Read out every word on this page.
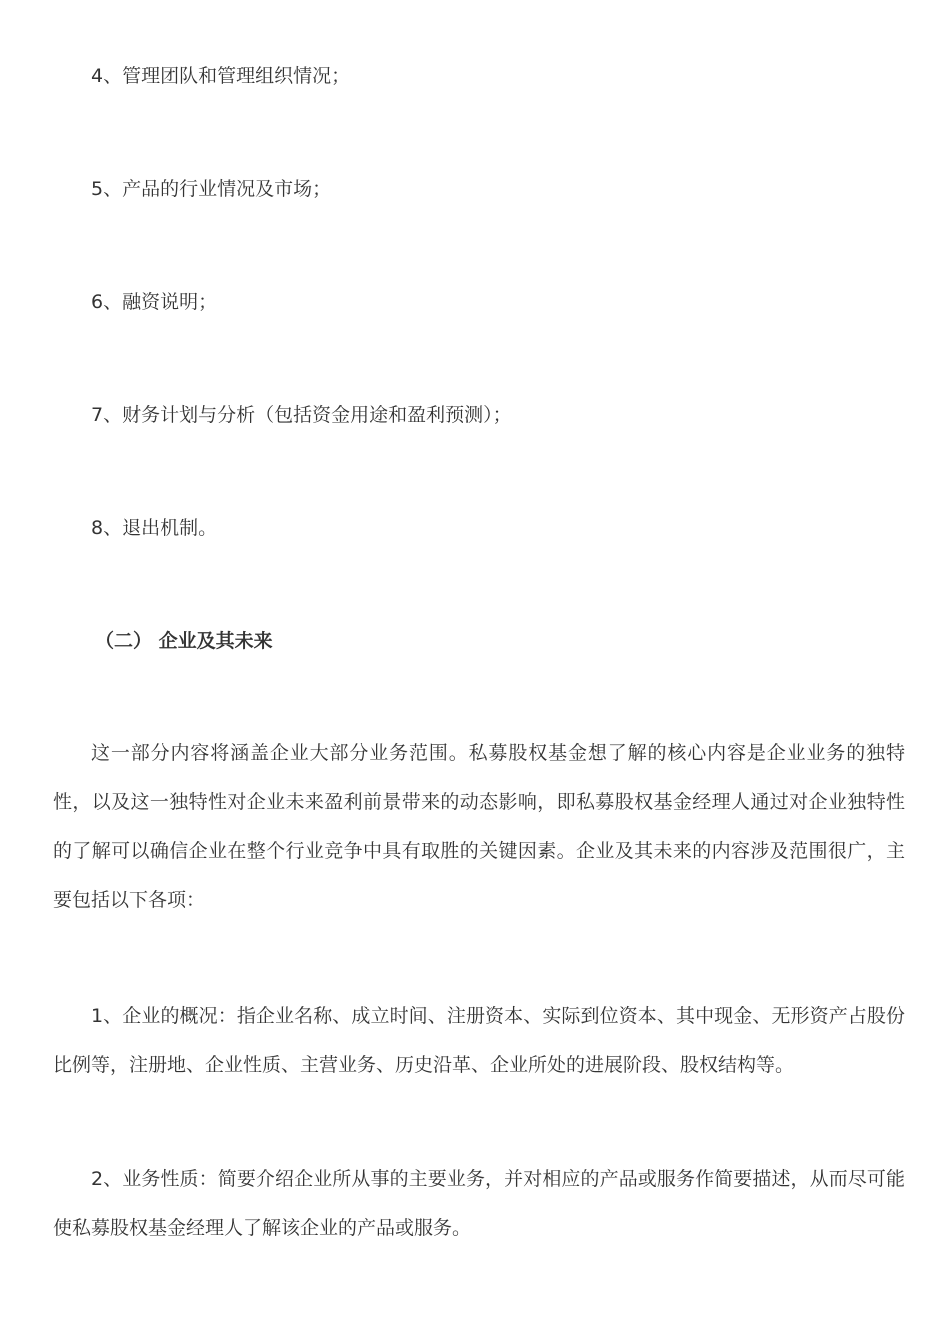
4、管理团队和管理组织情况；
5、产品的行业情况及市场；
6、融资说明；
7、财务计划与分析（包括资金用途和盈利预测）；
8、退出机制。
（二） 企业及其未来

这一部分内容将涵盖企业大部分业务范围。私募股权基金想了解的核心内容是企业业务的独特性，以及这一独特性对企业未来盈利前景带来的动态影响，即私募股权基金经理人通过对企业独特性的了解可以确信企业在整个行业竞争中具有取胜的关键因素。企业及其未来的内容涉及范围很广，主要包括以下各项：

1、企业的概况：指企业名称、成立时间、注册资本、实际到位资本、其中现金、无形资产占股份比例等，注册地、企业性质、主营业务、历史沿革、企业所处的进展阶段、股权结构等。

2、业务性质：简要介绍企业所从事的主要业务，并对相应的产品或服务作简要描述，从而尽可能使私募股权基金经理人了解该企业的产品或服务。
